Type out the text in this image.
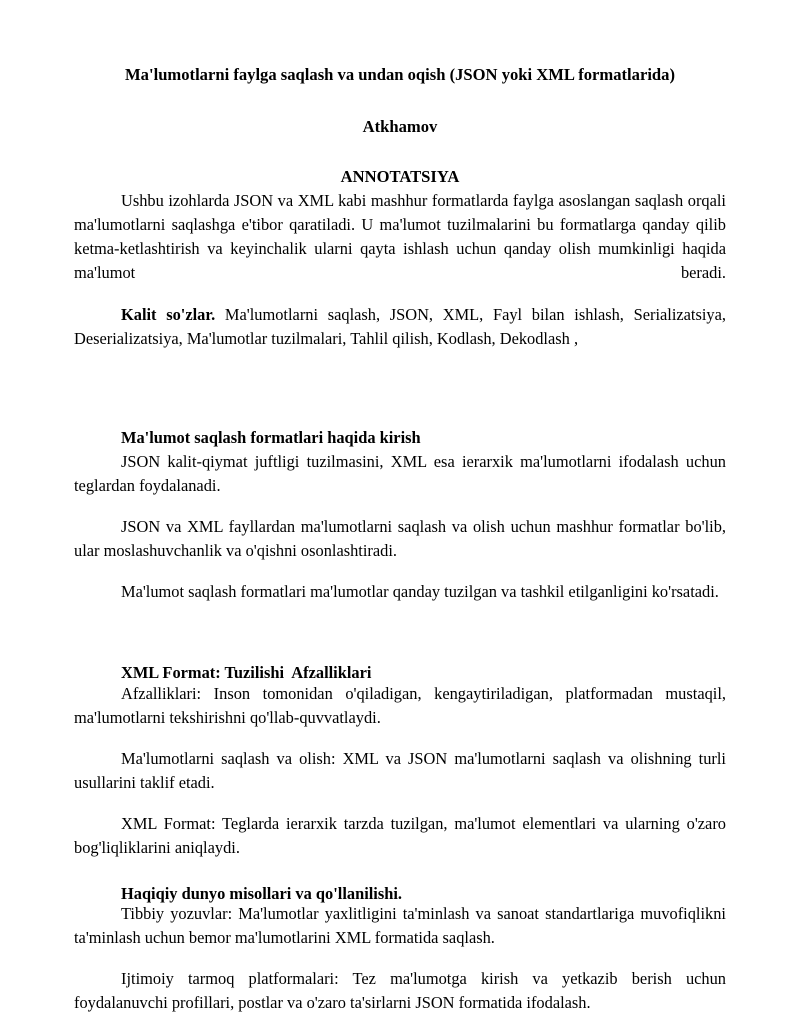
Ma'lumotlarni faylga saqlash va undan oqish (JSON yoki XML formatlarida)
Atkhamov
ANNOTATSIYA

Ushbu izohlarda JSON va XML kabi mashhur formatlarda faylga asoslangan saqlash orqali ma'lumotlarni saqlashga e'tibor qaratiladi. U ma'lumot tuzilmalarini bu formatlarga qanday qilib ketma-ketlashtirish va keyinchalik ularni qayta ishlash uchun qanday olish mumkinligi haqida ma'lumot beradi.

Kalit so'zlar. Ma'lumotlarni saqlash, JSON, XML, Fayl bilan ishlash, Serializatsiya, Deserializatsiya, Ma'lumotlar tuzilmalari, Tahlil qilish, Kodlash, Dekodlash ,

Ma'lumot saqlash formatlari haqida kirish

JSON kalit-qiymat juftligi tuzilmasini, XML esa ierarxik ma'lumotlarni ifodalash uchun teglardan foydalanadi.

JSON va XML fayllardan ma'lumotlarni saqlash va olish uchun mashhur formatlar bo'lib, ular moslashuvchanlik va o'qishni osonlashtiradi.

Ma'lumot saqlash formatlari ma'lumotlar qanday tuzilgan va tashkil etilganligini ko'rsatadi.

XML Format: Tuzilishi  Afzalliklari

Afzalliklari: Inson tomonidan o'qiladigan, kengaytiriladigan, platformadan mustaqil, ma'lumotlarni tekshirishni qo'llab-quvvatlaydi.

Ma'lumotlarni saqlash va olish: XML va JSON ma'lumotlarni saqlash va olishning turli usullarini taklif etadi.

XML Format: Teglarda ierarxik tarzda tuzilgan, ma'lumot elementlari va ularning o'zaro bog'liqliklarini aniqlaydi.

Haqiqiy dunyo misollari va qo'llanilishi.

Tibbiy yozuvlar: Ma'lumotlar yaxlitligini ta'minlash va sanoat standartlariga muvofiqlikni ta'minlash uchun bemor ma'lumotlarini XML formatida saqlash.

Ijtimoiy tarmoq platformalari: Tez ma'lumotga kirish va yetkazib berish uchun foydalanuvchi profillari, postlar va o'zaro ta'sirlarni JSON formatida ifodalash.
